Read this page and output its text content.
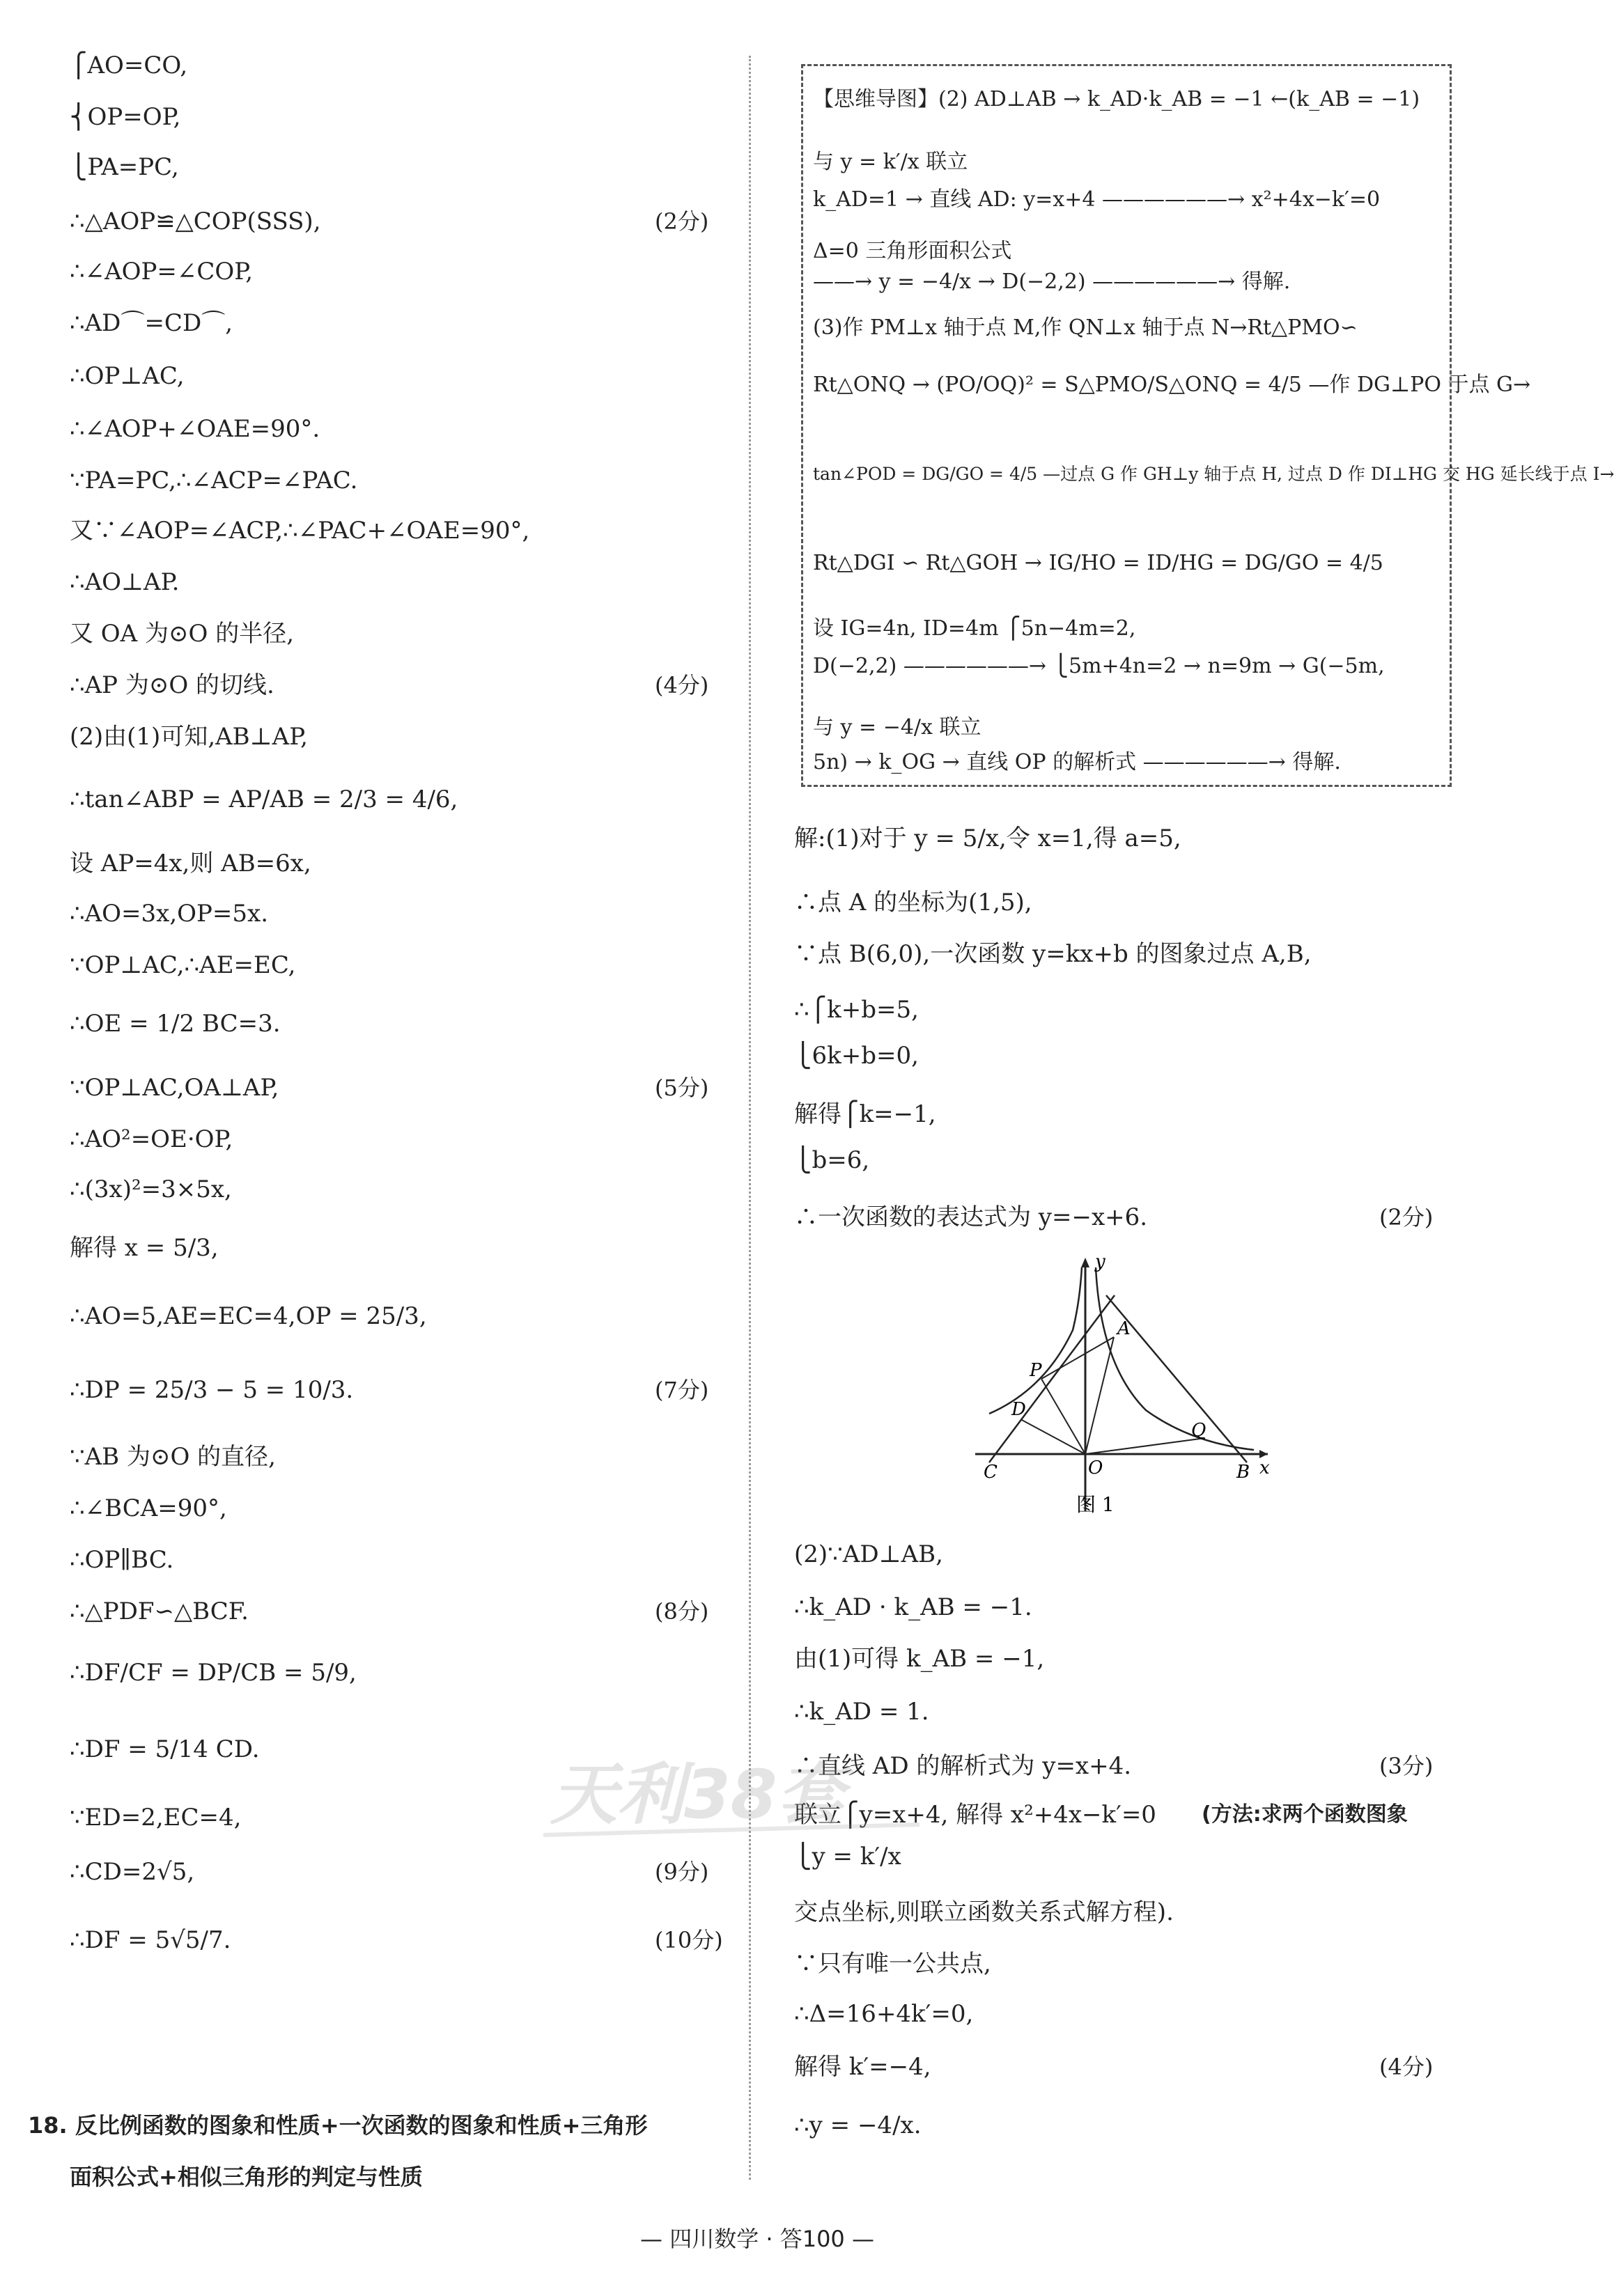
⎧AO=CO,
⎨OP=OP,
⎩PA=PC,
∴△AOP≌△COP(SSS),	(2分)
∴∠AOP=∠COP,
∴AD⌒=CD⌒,
∴OP⊥AC,
∴∠AOP+∠OAE=90°.
∵PA=PC,∴∠ACP=∠PAC.
又∵∠AOP=∠ACP,∴∠PAC+∠OAE=90°,
∴AO⊥AP.
又 OA 为⊙O 的半径,
∴AP 为⊙O 的切线.	(4分)
(2)由(1)可知,AB⊥AP,
∴tan∠ABP = AP/AB = 2/3 = 4/6,
设 AP=4x,则 AB=6x,
∴AO=3x,OP=5x.
∵OP⊥AC,∴AE=EC,
∴OE = 1/2 BC=3.
∵OP⊥AC,OA⊥AP,	(5分)
∴AO²=OE·OP,
∴(3x)²=3×5x,
解得 x = 5/3,
∴AO=5,AE=EC=4,OP = 25/3,
∴DP = 25/3 − 5 = 10/3.	(7分)
∵AB 为⊙O 的直径,
∴∠BCA=90°,
∴OP∥BC.
∴△PDF∽△BCF.	(8分)
∴DF/CF = DP/CB = 5/9,
∴DF = 5/14 CD.
∵ED=2,EC=4,
∴CD=2√5,	(9分)
∴DF = 5√5/7.	(10分)
18. 反比例函数的图象和性质+一次函数的图象和性质+三角形
面积公式+相似三角形的判定与性质
【思维导图】(2) AD⊥AB → k_AD·k_AB = −1 ←(k_AB = −1)
与 y = k′/x 联立
k_AD=1 → 直线 AD: y=x+4 ——————→ x²+4x−k′=0
Δ=0 三角形面积公式
——→ y = −4/x → D(−2,2) ——————→ 得解.
(3)作 PM⊥x 轴于点 M,作 QN⊥x 轴于点 N→Rt△PMO∽
Rt△ONQ → (PO/OQ)² = S△PMO/S△ONQ = 4/5 —作 DG⊥PO 于点 G→
tan∠POD = DG/GO = 4/5 —过点 G 作 GH⊥y 轴于点 H, 过点 D 作 DI⊥HG 交 HG 延长线于点 I→
Rt△DGI ∽ Rt△GOH → IG/HO = ID/HG = DG/GO = 4/5
设 IG=4n, ID=4m ⎧5n−4m=2,
D(−2,2) ——————→ ⎩5m+4n=2 → n=9m → G(−5m,
与 y = −4/x 联立
5n) → k_OG → 直线 OP 的解析式 ——————→ 得解.
解:(1)对于 y = 5/x,令 x=1,得 a=5,
∴点 A 的坐标为(1,5),
∵点 B(6,0),一次函数 y=kx+b 的图象过点 A,B,
∴⎧k+b=5,
⎩6k+b=0,
解得⎧k=−1,
⎩b=6,
∴一次函数的表达式为 y=−x+6.	(2分)
(2)∵AD⊥AB,
∴k_AD · k_AB = −1.
由(1)可得 k_AB = −1,
∴k_AD = 1.
∴直线 AD 的解析式为 y=x+4.	(3分)
联立⎧y=x+4, 解得 x²+4x−k′=0 (方法:求两个函数图象
⎩y = k′/x
交点坐标,则联立函数关系式解方程).
∵只有唯一公共点,
∴Δ=16+4k′=0,
解得 k′=−4,	(4分)
∴y = −4/x.
y
x
O
A
B
C
D
P
Q
图 1
天利38套
— 四川数学 · 答100 —
